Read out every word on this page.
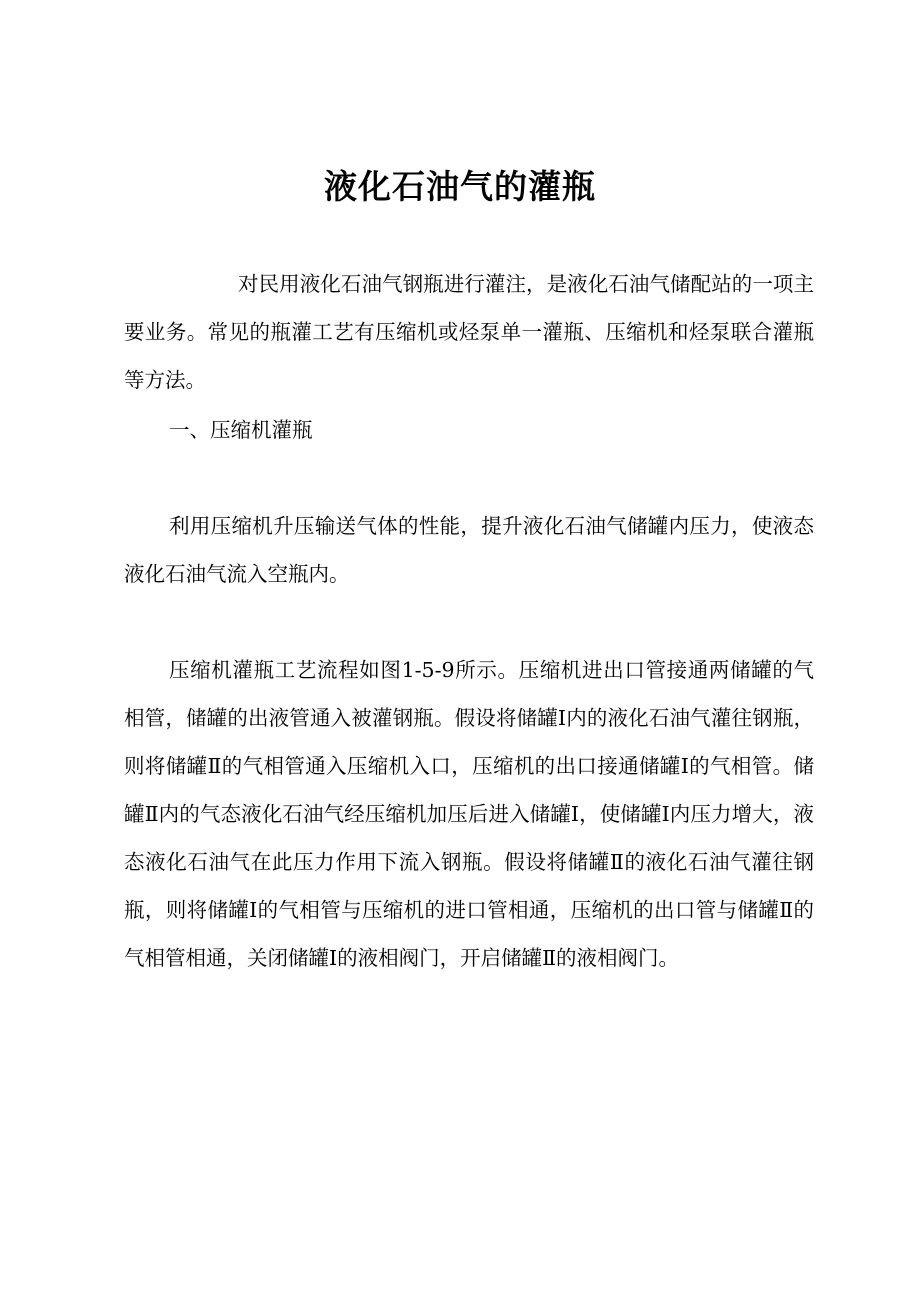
液化石油气的灌瓶
对民用液化石油气钢瓶进行灌注，是液化石油气储配站的一项主要业务。常见的瓶灌工艺有压缩机或烃泵单一灌瓶、压缩机和烃泵联合灌瓶等方法。
一、压缩机灌瓶
利用压缩机升压输送气体的性能，提升液化石油气储罐内压力，使液态液化石油气流入空瓶内。
压缩机灌瓶工艺流程如图1-5-9所示。压缩机进出口管接通两储罐的气相管，储罐的出液管通入被灌钢瓶。假设将储罐Ⅰ内的液化石油气灌往钢瓶，则将储罐Ⅱ的气相管通入压缩机入口，压缩机的出口接通储罐Ⅰ的气相管。储罐Ⅱ内的气态液化石油气经压缩机加压后进入储罐Ⅰ，使储罐Ⅰ内压力增大，液态液化石油气在此压力作用下流入钢瓶。假设将储罐Ⅱ的液化石油气灌往钢瓶，则将储罐Ⅰ的气相管与压缩机的进口管相通，压缩机的出口管与储罐Ⅱ的气相管相通，关闭储罐Ⅰ的液相阀门，开启储罐Ⅱ的液相阀门。
